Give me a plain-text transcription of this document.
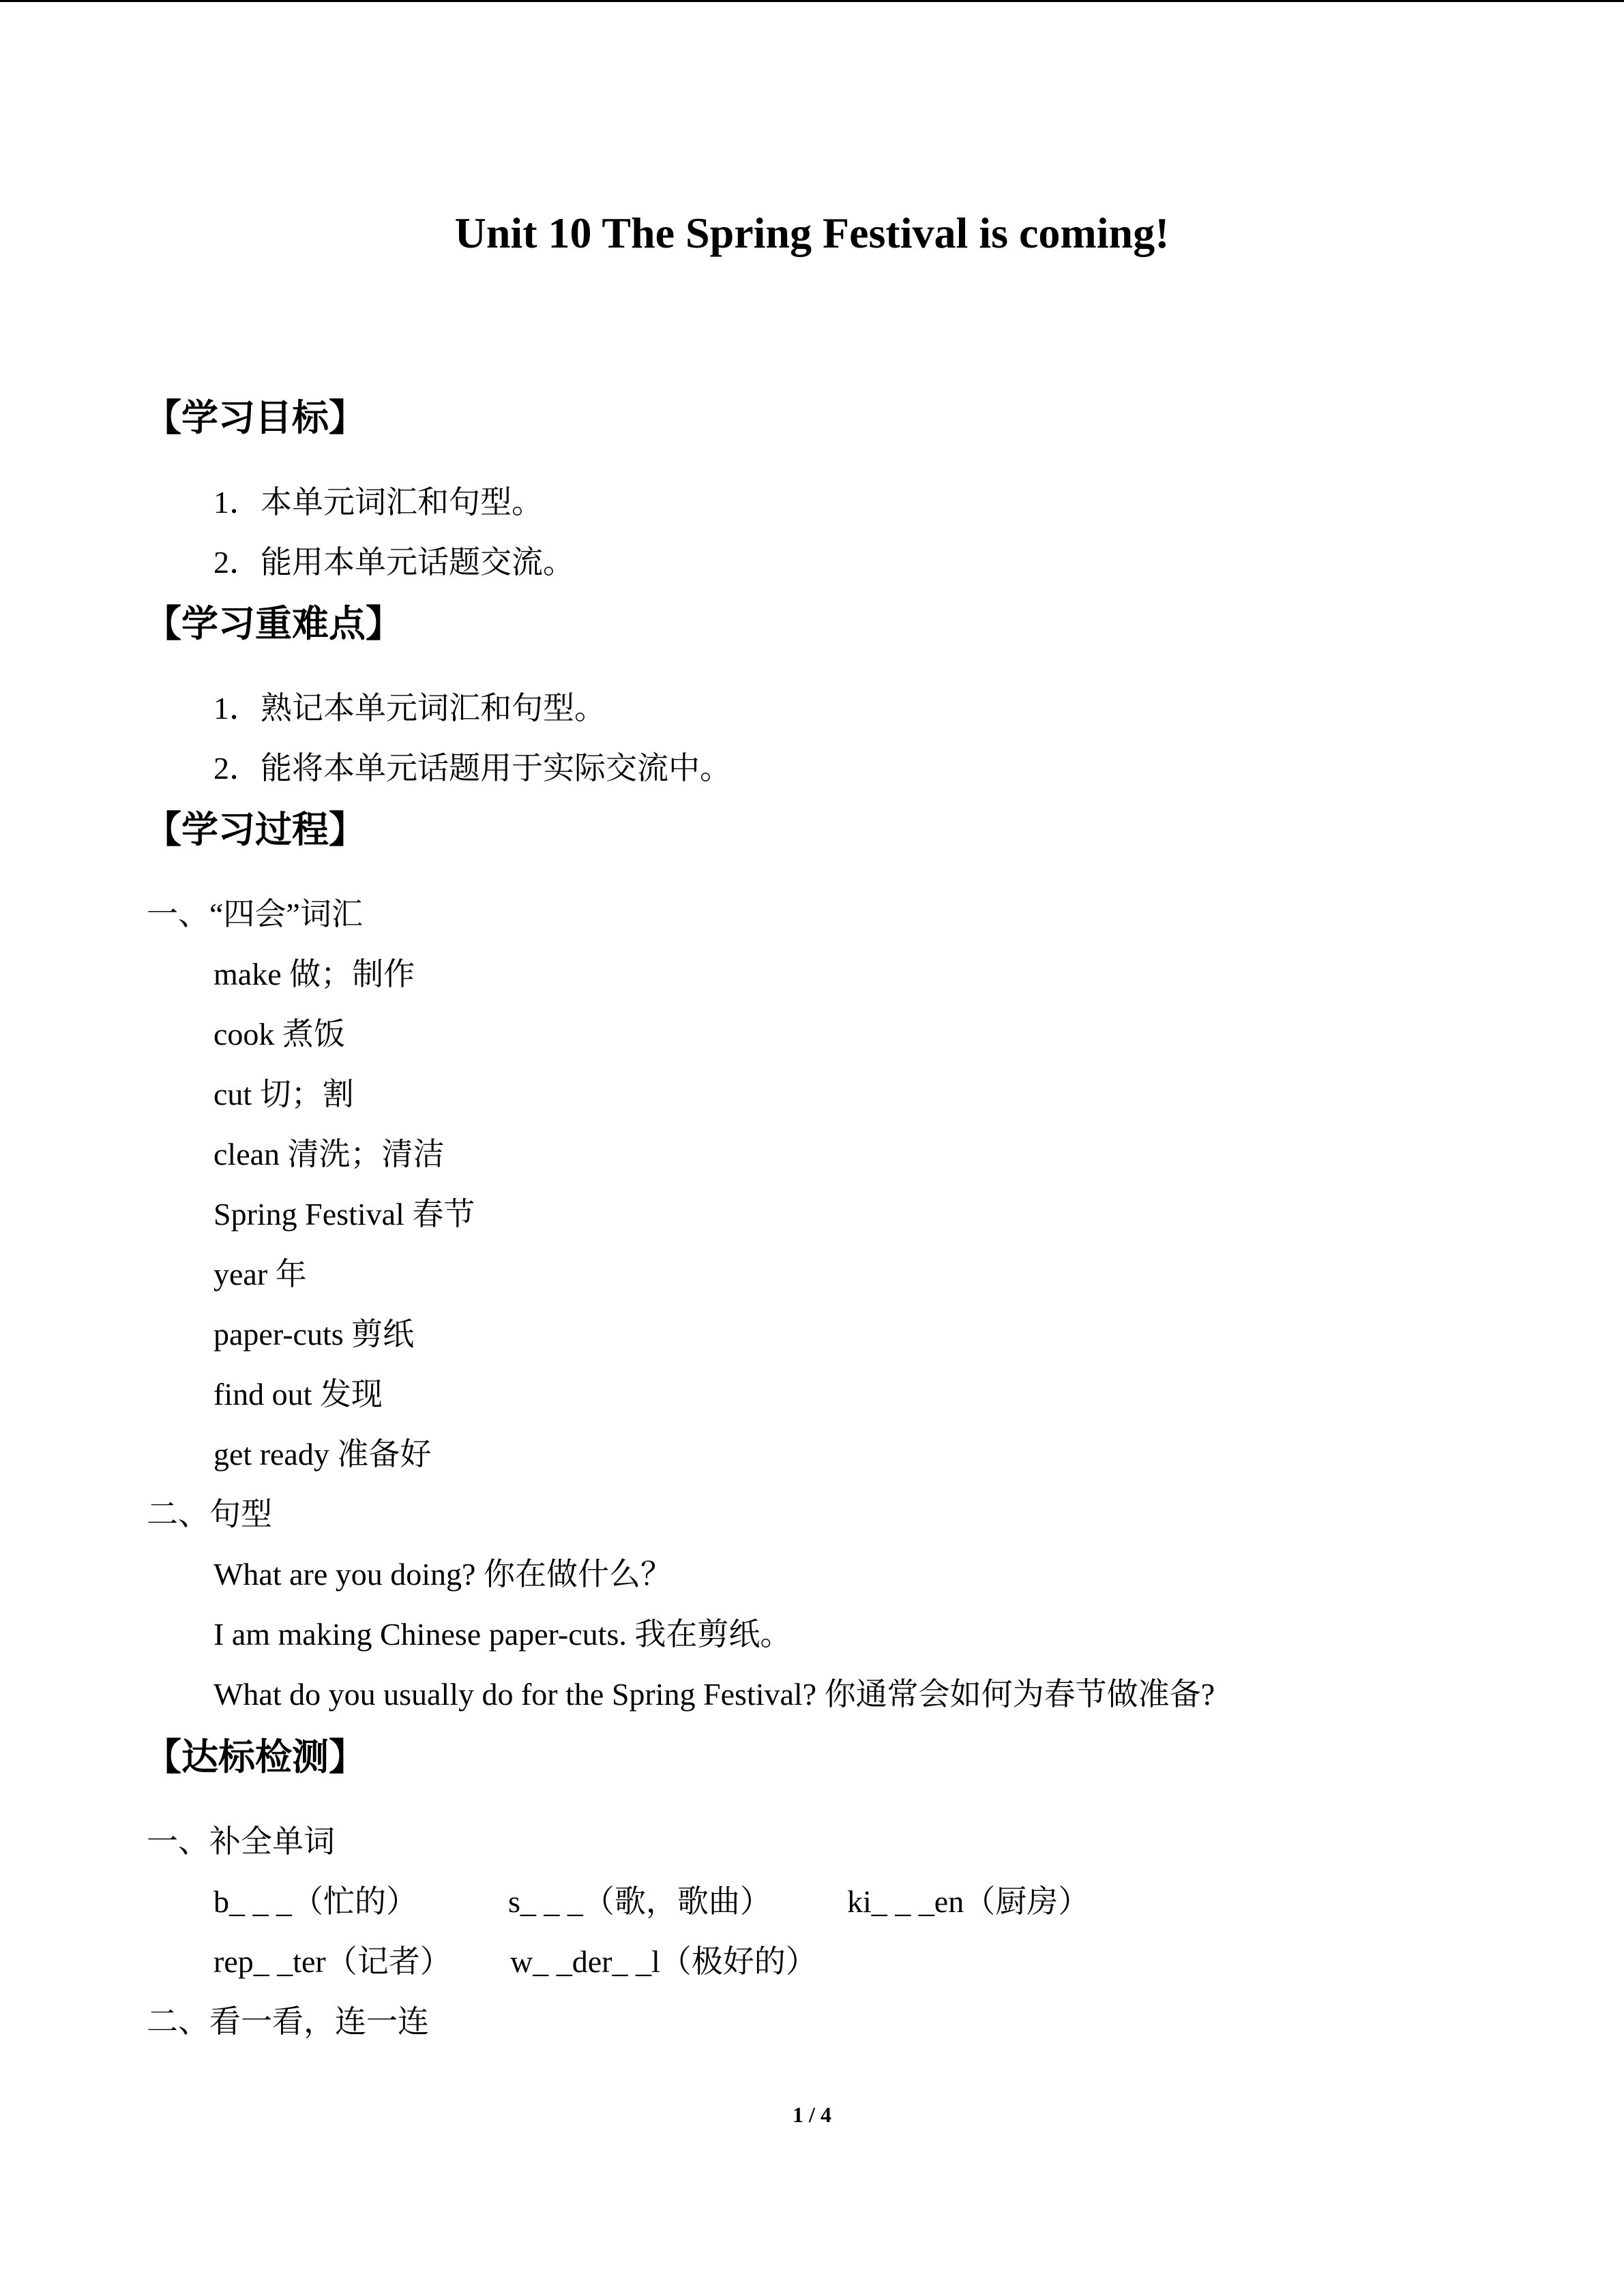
Unit 10 The Spring Festival is coming!
【学习目标】
1．本单元词汇和句型。
2．能用本单元话题交流。
【学习重难点】
1．熟记本单元词汇和句型。
2．能将本单元话题用于实际交流中。
【学习过程】
一、“四会”词汇
make 做；制作
cook 煮饭
cut 切；割
clean 清洗；清洁
Spring Festival 春节
year 年
paper-cuts 剪纸
find out 发现
get ready 准备好
二、句型
What are you doing? 你在做什么？
I am making Chinese paper-cuts. 我在剪纸。
What do you usually do for the Spring Festival? 你通常会如何为春节做准备?
【达标检测】
一、补全单词
b_ _ _（忙的）	s_ _ _（歌，歌曲） ki_ _ _en（厨房）
rep_ _ter（记者） w_ _der_ _l（极好的）
二、看一看，连一连
1 / 4
